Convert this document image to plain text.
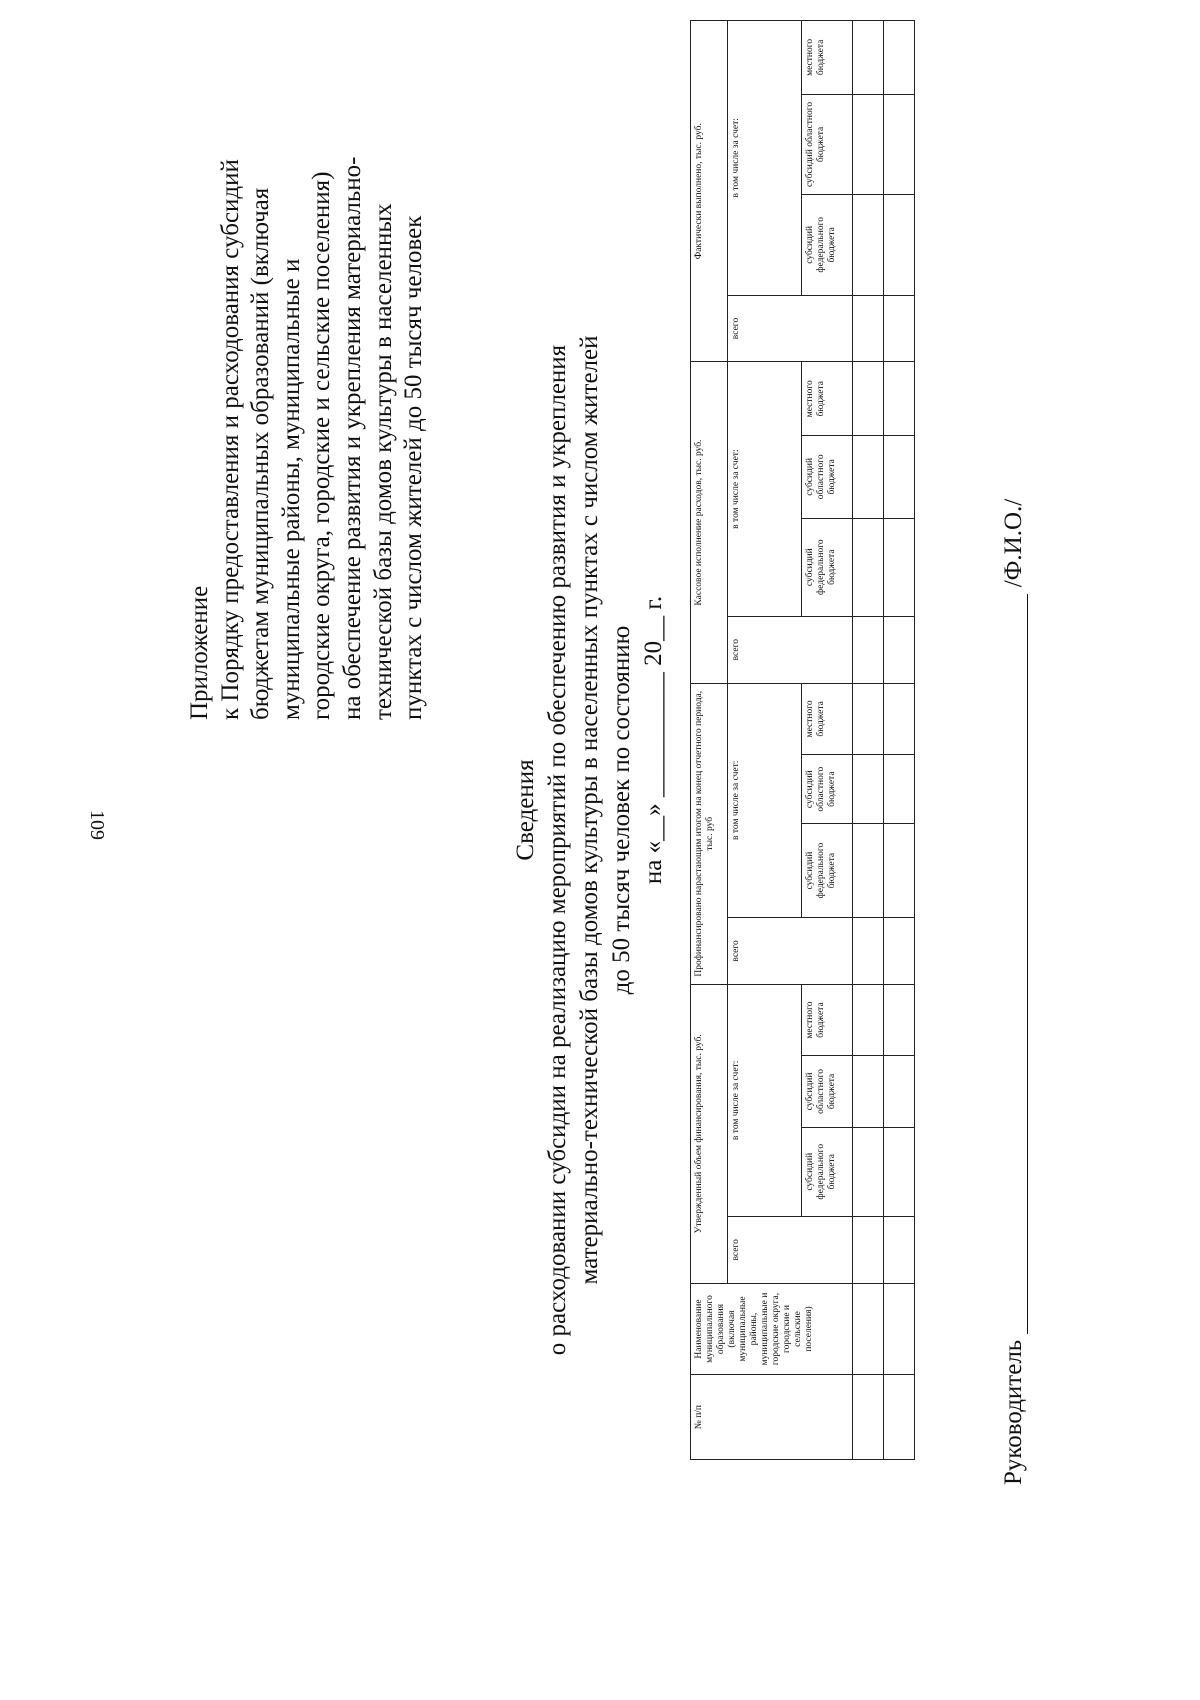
109
Приложение к Порядку предоставления и расходования субсидий бюджетам муниципальных образований (включая муниципальные районы, муниципальные и городские округа, городские и сельские поселения) на обеспечение развития и укрепления материально- технической базы домов культуры в населенных пунктах с числом жителей до 50 тысяч человек
Сведения о расходовании субсидии на реализацию мероприятий по обеспечению развития и укрепления материально-технической базы домов культуры в населенных пунктах с числом жителей до 50 тысяч человек по состоянию на «__» __________ 20__ г.
№ п/п	Наименование муниципального образования (включая муниципальные районы, муниципальные и городские округа, городские и сельские поселения)	Утвержденный объем финансирования, тыс. руб.				Профинансировано нарастающим итогом на конец отчетного периода, тыс. руб				Кассовое исполнение расходов, тыс. руб.				Фактически выполнено, тыс. руб.			
		всего	в том числе за счет:			всего	в том числе за счет:			всего	в том числе за счет:			всего	в том числе за счет:		
			субсидий федерального бюджета	субсидий областного бюджета	местного бюджета		субсидий федерального бюджета	субсидий областного бюджета	местного бюджета		субсидий федерального бюджета	субсидий областного бюджета	местного бюджета		субсидий федерального бюджета	субсидий областного бюджета	местного бюджета

Руководитель  /Ф.И.О./
